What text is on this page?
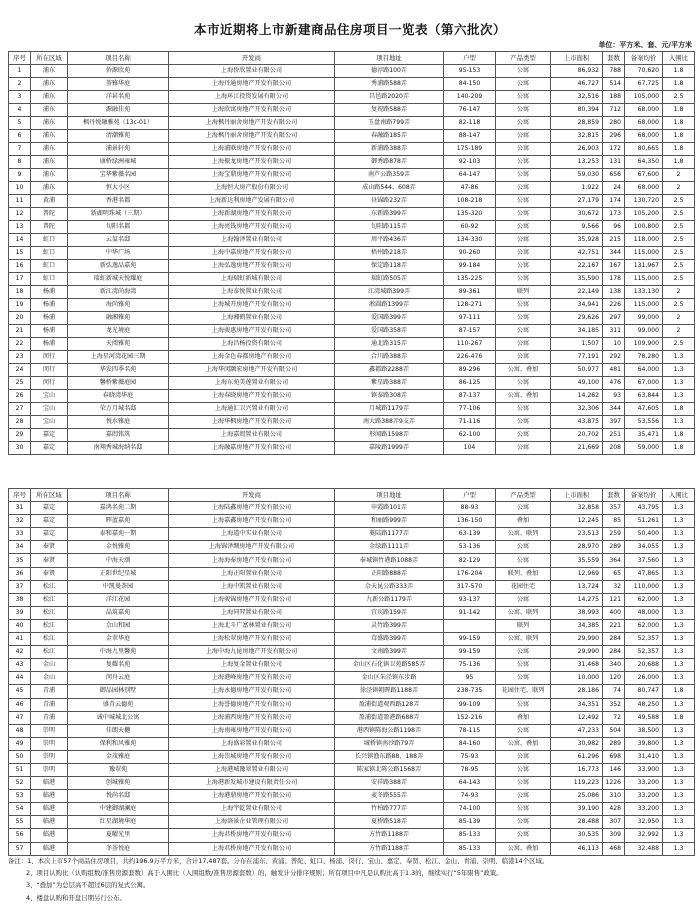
本市近期将上市新建商品住房项目一览表（第六批次）
单位：平方米、套、元/平方米
序号	所在区域	项目名称	开发商	项目地址	户型	产品类型	上市面积	套数	备案均价	入围比
1	浦东	侨源欣苑	上海侨欣置业有限公司	德淳路100弄	95-153	公寓	86,932	788	70,620	1.8
2	浦东	荟雅华庭	上海丹通房地产开发有限公司	秀浦路588弄	84-150	公寓	46,727	514	67,725	1.8
3	浦东	洋甚名苑	上海环江投资发展有限公司	昌邑路2020弄	140-209	公寓	32,516	188	105,000	2.5
4	浦东	源融佳苑	上海欣寓房地产开发有限公司	复祝路588弄	76-147	公寓	80,394	712	68,000	1.8
5	浦东	枫丹悦融雅苑（13c-01）	上海枫丹丽舍房地产开发有限公司	玉盘南路799弄	82-118	公寓	28,859	280	68,000	1.8
6	浦东	清潮雅苑	上海枫丹丽舍房地产开发有限公司	春融路185弄	88-147	公寓	32,815	296	68,000	1.8
7	浦东	浦景轩苑	上海浦联房地产开发有限公司	新浦路388弄	175-189	公寓	26,903	172	80,665	1.8
8	浦东	康桥绿洲雍城	上海振龙房地产开发有限公司	御秀路878弄	92-103	公寓	13,253	131	64,350	1.8
9	浦东	宝华紫薇名园	上海宝鼎房地产开发有限公司	南芦公路359弄	64-147	公寓	59,030	656	67,600	2
10	浦东	恒大小区	上海恒大房产股份有限公司	成山路544、608弄	47-86	公寓	1,922	24	68,000	2
11	黄浦	香港名都	上海新达利房地产发展有限公司	昼锦路232弄	108-218	公寓	27,179	174	130,720	2.5
12	普陀	新湖明珠城（三期）	上海新湖房地产开发有限公司	东新路399弄	135-320	公寓	30,672	173	105,200	2.5
13	普陀	旬阳名都	上海亮钱房地产开发有限公司	旬阳路115弄	60-92	公寓	9,566	96	100,800	2.5
14	虹口	云玺名邸	上海翰泽置业有限公司	周平路436弄	134-330	公寓	35,928	215	118,000	2.5
15	虹口	中华广场	上海中嘉房地产开发有限公司	梧州路218弄	90-260	公寓	42,751	344	115,000	2.5
16	虹口	新弘逸品嘉苑	上海弘逸房地产开发有限公司	保定路118弄	99-184	公寓	22,167	167	131,967	2.5
17	虹口	瑞虹新城天悦耀庭	上海瑞虹新城有限公司	瑞虹路505弄	135-225	公寓	35,590	178	115,000	2.5
18	杨浦	新江湾尚海湾	上海泰悦置业有限公司	江湾城路399弄	89-361	联列	22,149	138	133,130	2
19	杨浦	海尚雅苑	上海城开房地产开发有限公司	淞圆路1399弄	128-271	公寓	34,941	226	115,000	2.5
20	杨浦	融湘雅苑	上海湘鹤置业有限公司	爱国路399弄	97-111	公寓	29,626	297	99,000	2
21	杨浦	龙光境庭	上海骏惠房地产开发有限公司	爱国路358弄	87-157	公寓	34,185	311	99,000	2
22	杨浦	天阅雅苑	上海昌杨投资有限公司	通北路315弄	110-267	公寓	1,507	10	109,900	2.5
23	闵行	上海星河湾花园三期	上海金色春都房地产有限公司	合川路388弄	226-476	公寓	77,191	292	78,280	1.3
24	闵行	华发四季名苑	上海华闵颛宏房地产开发有限公司	鑫都路2288弄	89-296	公寓、叠加	50,977	481	64,000	1.3
25	闵行	馨桥紫薇庭园	上海东苑美莲置业有限公司	紫星路388弄	86-125	公寓	49,100	476	67,000	1.3
26	宝山	春晓湾华庭	上海春晓房地产开发有限公司	镇泰路308弄	87-137	公寓、叠加	14,262	93	63,844	1.3
27	宝山	荣万月城名邸	上海通汇卫兴置业有限公司	月城路1179弄	77-106	公寓	32,306	344	47,605	1.8
28	宝山	悦水雅庭	上海华枫房地产开发有限公司	南大路388弄9支弄	71-116	公寓	43,875	397	53,556	1.3
29	嘉定	嘉闳铭筑	上海嘉闳置业有限公司	形闻路1598弄	62-100	公寓	20,702	251	35,471	1.8
30	嘉定	南翔秀城海纳名邸	上海融嘉房地产开发有限公司	嘉陵路1999弄	104	公寓	21,669	208	59,000	1.8
序号	所在区域	项目名称	开发商	项目地址	户型	产品类型	上市面积	套数	备案均价	入围比
31	嘉定	嘉鸿名苑二期	上海陆鑫房地产开发有限公司	申霞路101弄	88-93	公寓	32,858	357	43,795	1.3
32	嘉定	晖蓝嘉苑	上海嘉鑫房地产开发有限公司	和丽路999弄	136-150	叠加	12,245	85	51,261	1.3
33	嘉定	泰和嘉苑一期	上海道中实业有限公司	菱陆路1177弄	63-139	公寓、联列	23,513	259	50,400	1.3
34	奉贤	金悦雅苑	上海锦泽绸房地产开发有限公司	金绿路1111弄	53-136	公寓	28,970	289	34,055	1.3
35	奉贤	中海天颂	上海海奉房地产开发有限公司	奉城镇竹港路1088弄	82-129	公寓	35,559	364	37,560	1.3
36	奉贤	正阳世纪星城	上海正阳置业有限公司	正阳路888弄	176-204	联列、叠加	12,969	65	47,865	1.3
37	松江	中凯曼荼园	上海中凯置业有限公司	佘天昆公路333弄	317-570	花园住宅	13,724	32	110,000	1.3
38	松江	洋江花园	上海骏锦房地产开发有限公司	九新公路1179弄	93-137	公寓	14,275	121	62,000	1.3
39	松江	晶筑嘉苑	上海同羿置业有限公司	宜宾路159弄	91-142	公寓、联列	38,993	400	48,000	1.3
40	松江	佘山和园	上海北斗广富林置业有限公司	灵竹路399弄		联列	34,385	221	62,000	1.3
41	松江	金翠华庭	上海松翠房地产开发有限公司	茸盛路399弄	99-159	公寓、联列	29,990	284	52,357	1.3
42	松江	中海九里馨苑	上海中海九昆房地产开发有限公司	文南路399弄	99-159	公寓	29,990	284	52,357	1.3
43	金山	复耀名苑	上海复金置业有限公司	金山区石化镇卫苑路585弄	75-136	公寓	31,468	340	20,688	1.3
44	金山	闵舟云庭	上海港峰房地产开发有限公司	金山区朱泾镇东步路	95	公寓	10,000	120	26,000	1.3
45	青浦	御品园林别墅	上海永德房地产开发有限公司	徐泾镇朝晖路1188弄	238-735	花园住宅、联列	28,186	74	80,747	1.8
46	青浦	盛青云德苑	上海誉德房地产开发有限公司	盈浦街道观西路128弄	99-109	公寓	34,351	352	48,250	1.3
47	青浦	诚中城城北公寓	上海浦西房地产开发有限公司	盈浦街道盈港路688弄	152-216	叠加	12,492	72	49,588	1.8
48	崇明	佳朗天樾	上海南雍房地产开发有限公司	港西镇陈海公路1198弄	78-115	公寓	47,233	504	38,500	1.3
49	崇明	保利和风雅苑	上海盛彩置业有限公司	城桥镇南沙路79弄	84-160	公寓、叠加	30,982	289	39,800	1.3
50	崇明	金茂雅庭	上海崇城房地产开发有限公司	长兴镇渔东路88、188弄	75-93	公寓	61,296	698	31,410	1.3
51	崇明	豫翠苑	上海港城豫翠置业有限公司	陈家镇北陈公路1568弄	78-95	公寓	16,773	146	33,900	1.3
52	临港	创城雅苑	上海港新发城市建设有限责任公司	安祥路388弄	64-143	公寓	119,223	1226	33,200	1.3
53	临港	悦尚名邸	上海港鼎房地产开发有限公司	麦冬路555弄	74-93	公寓	25,086	310	33,200	1.3
54	临港	中建御湖澜庭	上海宇乾置业有限公司	竹柏路777弄	74-100	公寓	39,190	428	33,200	1.3
55	临港	红星湖境华庭	上海洛景企业管理有限公司	夏桥路518弄	85-139	公寓	28,488	307	32,950	1.3
56	临港	夏曜光里	上海君桥房地产开发有限公司	方竹路1188弄	85-133	公寓	30,535	309	32,992	1.3
57	临港	冬荟悦庭	上海君桥房地产开发有限公司	方竹路1188弄	85-133	公寓、叠加	46,113	468	32,488	1.3
备注：1、本次上市57个商品住房项目，共约196.9万平方米，合计17,487套。分布在浦东、黄浦、普陀、虹口、杨浦、闵行、宝山、嘉定、奉贤、松江、金山、青浦、崇明、临港14个区域。
2、项目认购比（认购组数/准售房源套数）高于入围比（入围组数/准售房源套数）的，触发计分排序规则；所有项目中凡是认购比高于1.3的，继续实行“5年限售”政策。
3、“叠加”为总层高不超过6层的复式公寓。
4、楼盘认购和开盘日期另行公布。
